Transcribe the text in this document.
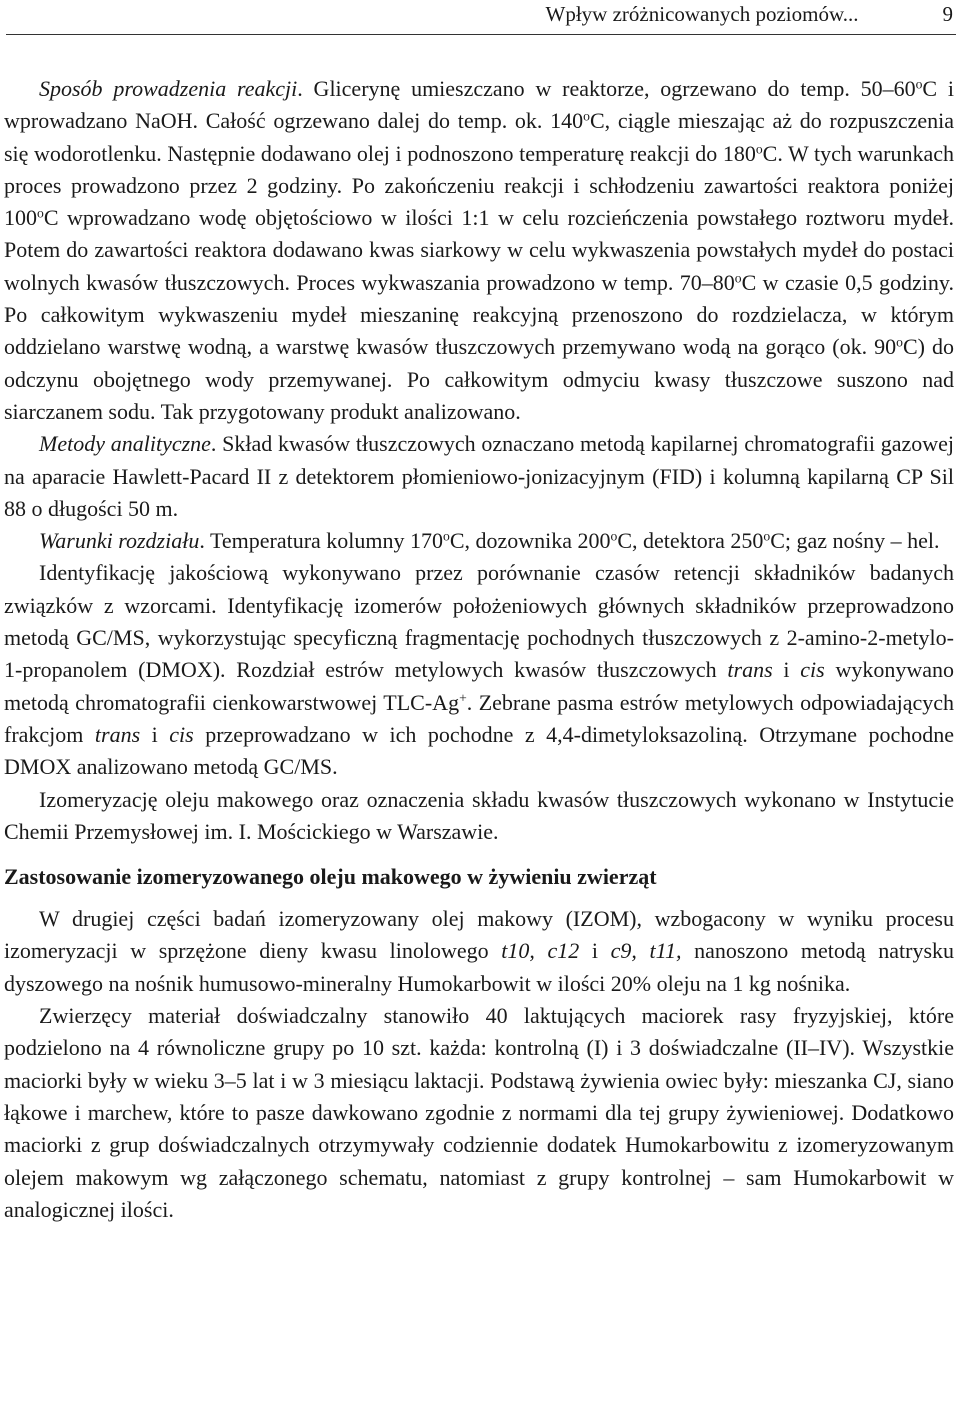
Wpływ zróżnicowanych poziomów...	9

Sposób prowadzenia reakcji. Glicerynę umieszczano w reaktorze, ogrzewano do temp. 50–60$^o$C i wprowadzano NaOH. Całość ogrzewano dalej do temp. ok. 140$^o$C, ciągle mieszając aż do rozpuszczenia się wodorotlenku. Następnie dodawano olej i podnoszono temperaturę reakcji do 180$^o$C. W tych warunkach proces prowadzono przez 2 godziny. Po zakończeniu reakcji i schłodzeniu zawartości reaktora poniżej 100$^o$C wprowadzano wodę objętościowo w ilości 1:1 w celu rozcieńczenia powstałego roztworu mydeł. Potem do zawartości reaktora dodawano kwas siarkowy w celu wykwaszenia powstałych mydeł do postaci wolnych kwasów tłuszczowych. Proces wykwaszania prowadzono w temp. 70–80$^o$C w czasie 0,5 godziny. Po całkowitym wykwaszeniu mydeł mieszaninę reakcyjną przenoszono do rozdzielacza, w którym oddzielano warstwę wodną, a warstwę kwasów tłuszczowych przemywano wodą na gorąco (ok. 90$^o$C) do odczynu obojętnego wody przemywanej. Po całkowitym odmyciu kwasy tłuszczowe suszono nad siarczanem sodu. Tak przygotowany produkt analizowano.

Metody analityczne. Skład kwasów tłuszczowych oznaczano metodą kapilarnej chromatografii gazowej na aparacie Hawlett-Pacard II z detektorem płomieniowo-jonizacyjnym (FID) i kolumną kapilarną CP Sil 88 o długości 50 m.

Warunki rozdziału. Temperatura kolumny 170$^o$C, dozownika 200$^o$C, detektora 250$^o$C; gaz nośny – hel.

Identyfikację jakościową wykonywano przez porównanie czasów retencji składników badanych związków z wzorcami. Identyfikację izomerów położeniowych głównych składników przeprowadzono metodą GC/MS, wykorzystując specyficzną fragmentację pochodnych tłuszczowych z 2-amino-2-metylo-1-propanolem (DMOX). Rozdział estrów metylowych kwasów tłuszczowych trans i cis wykonywano metodą chromatografii cienkowarstwowej TLC-Ag+. Zebrane pasma estrów metylowych odpowiadających frakcjom trans i cis przeprowadzano w ich pochodne z 4,4-dimetyloksazoliną. Otrzymane pochodne DMOX analizowano metodą GC/MS.

Izomeryzację oleju makowego oraz oznaczenia składu kwasów tłuszczowych wykonano w Instytucie Chemii Przemysłowej im. I. Mościckiego w Warszawie.

Zastosowanie izomeryzowanego oleju makowego w żywieniu zwierząt

W drugiej części badań izomeryzowany olej makowy (IZOM), wzbogacony w wyniku procesu izomeryzacji w sprzężone dieny kwasu linolowego t10, c12 i c9, t11, nanoszono metodą natrysku dyszowego na nośnik humusowo-mineralny Humokarbowit w ilości 20% oleju na 1 kg nośnika.

Zwierzęcy materiał doświadczalny stanowiło 40 laktujących maciorek rasy fryzyjskiej, które podzielono na 4 równoliczne grupy po 10 szt. każda: kontrolną (I) i 3 doświadczalne (II–IV). Wszystkie maciorki były w wieku 3–5 lat i w 3 miesiącu laktacji. Podstawą żywienia owiec były: mieszanka CJ, siano łąkowe i marchew, które to pasze dawkowano zgodnie z normami dla tej grupy żywieniowej. Dodatkowo maciorki z grup doświadczalnych otrzymywały codziennie dodatek Humokarbowitu z izomeryzowanym olejem makowym wg załączonego schematu, natomiast z grupy kontrolnej – sam Humokarbowit w analogicznej ilości.
